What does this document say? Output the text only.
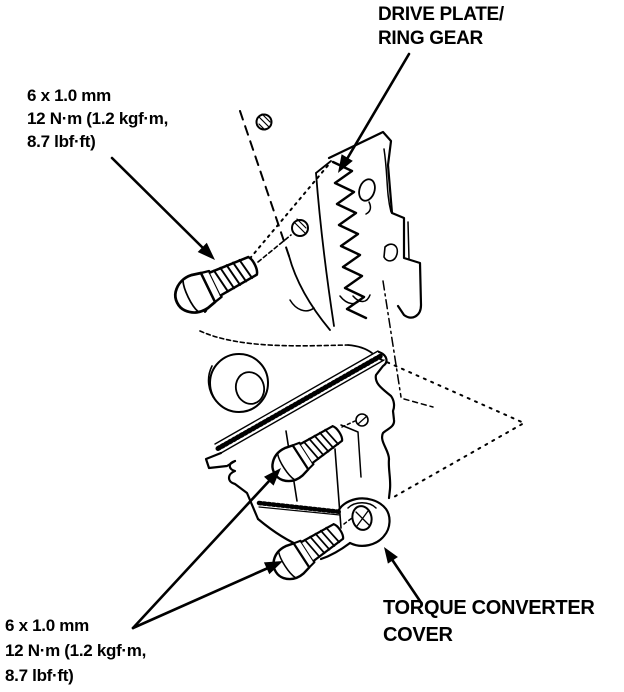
DRIVE PLATE/
RING GEAR
6 x 1.0 mm
12 N·m (1.2 kgf·m,
8.7 lbf·ft)
6 x 1.0 mm
12 N·m (1.2 kgf·m,
8.7 lbf·ft)
TORQUE CONVERTER
COVER
